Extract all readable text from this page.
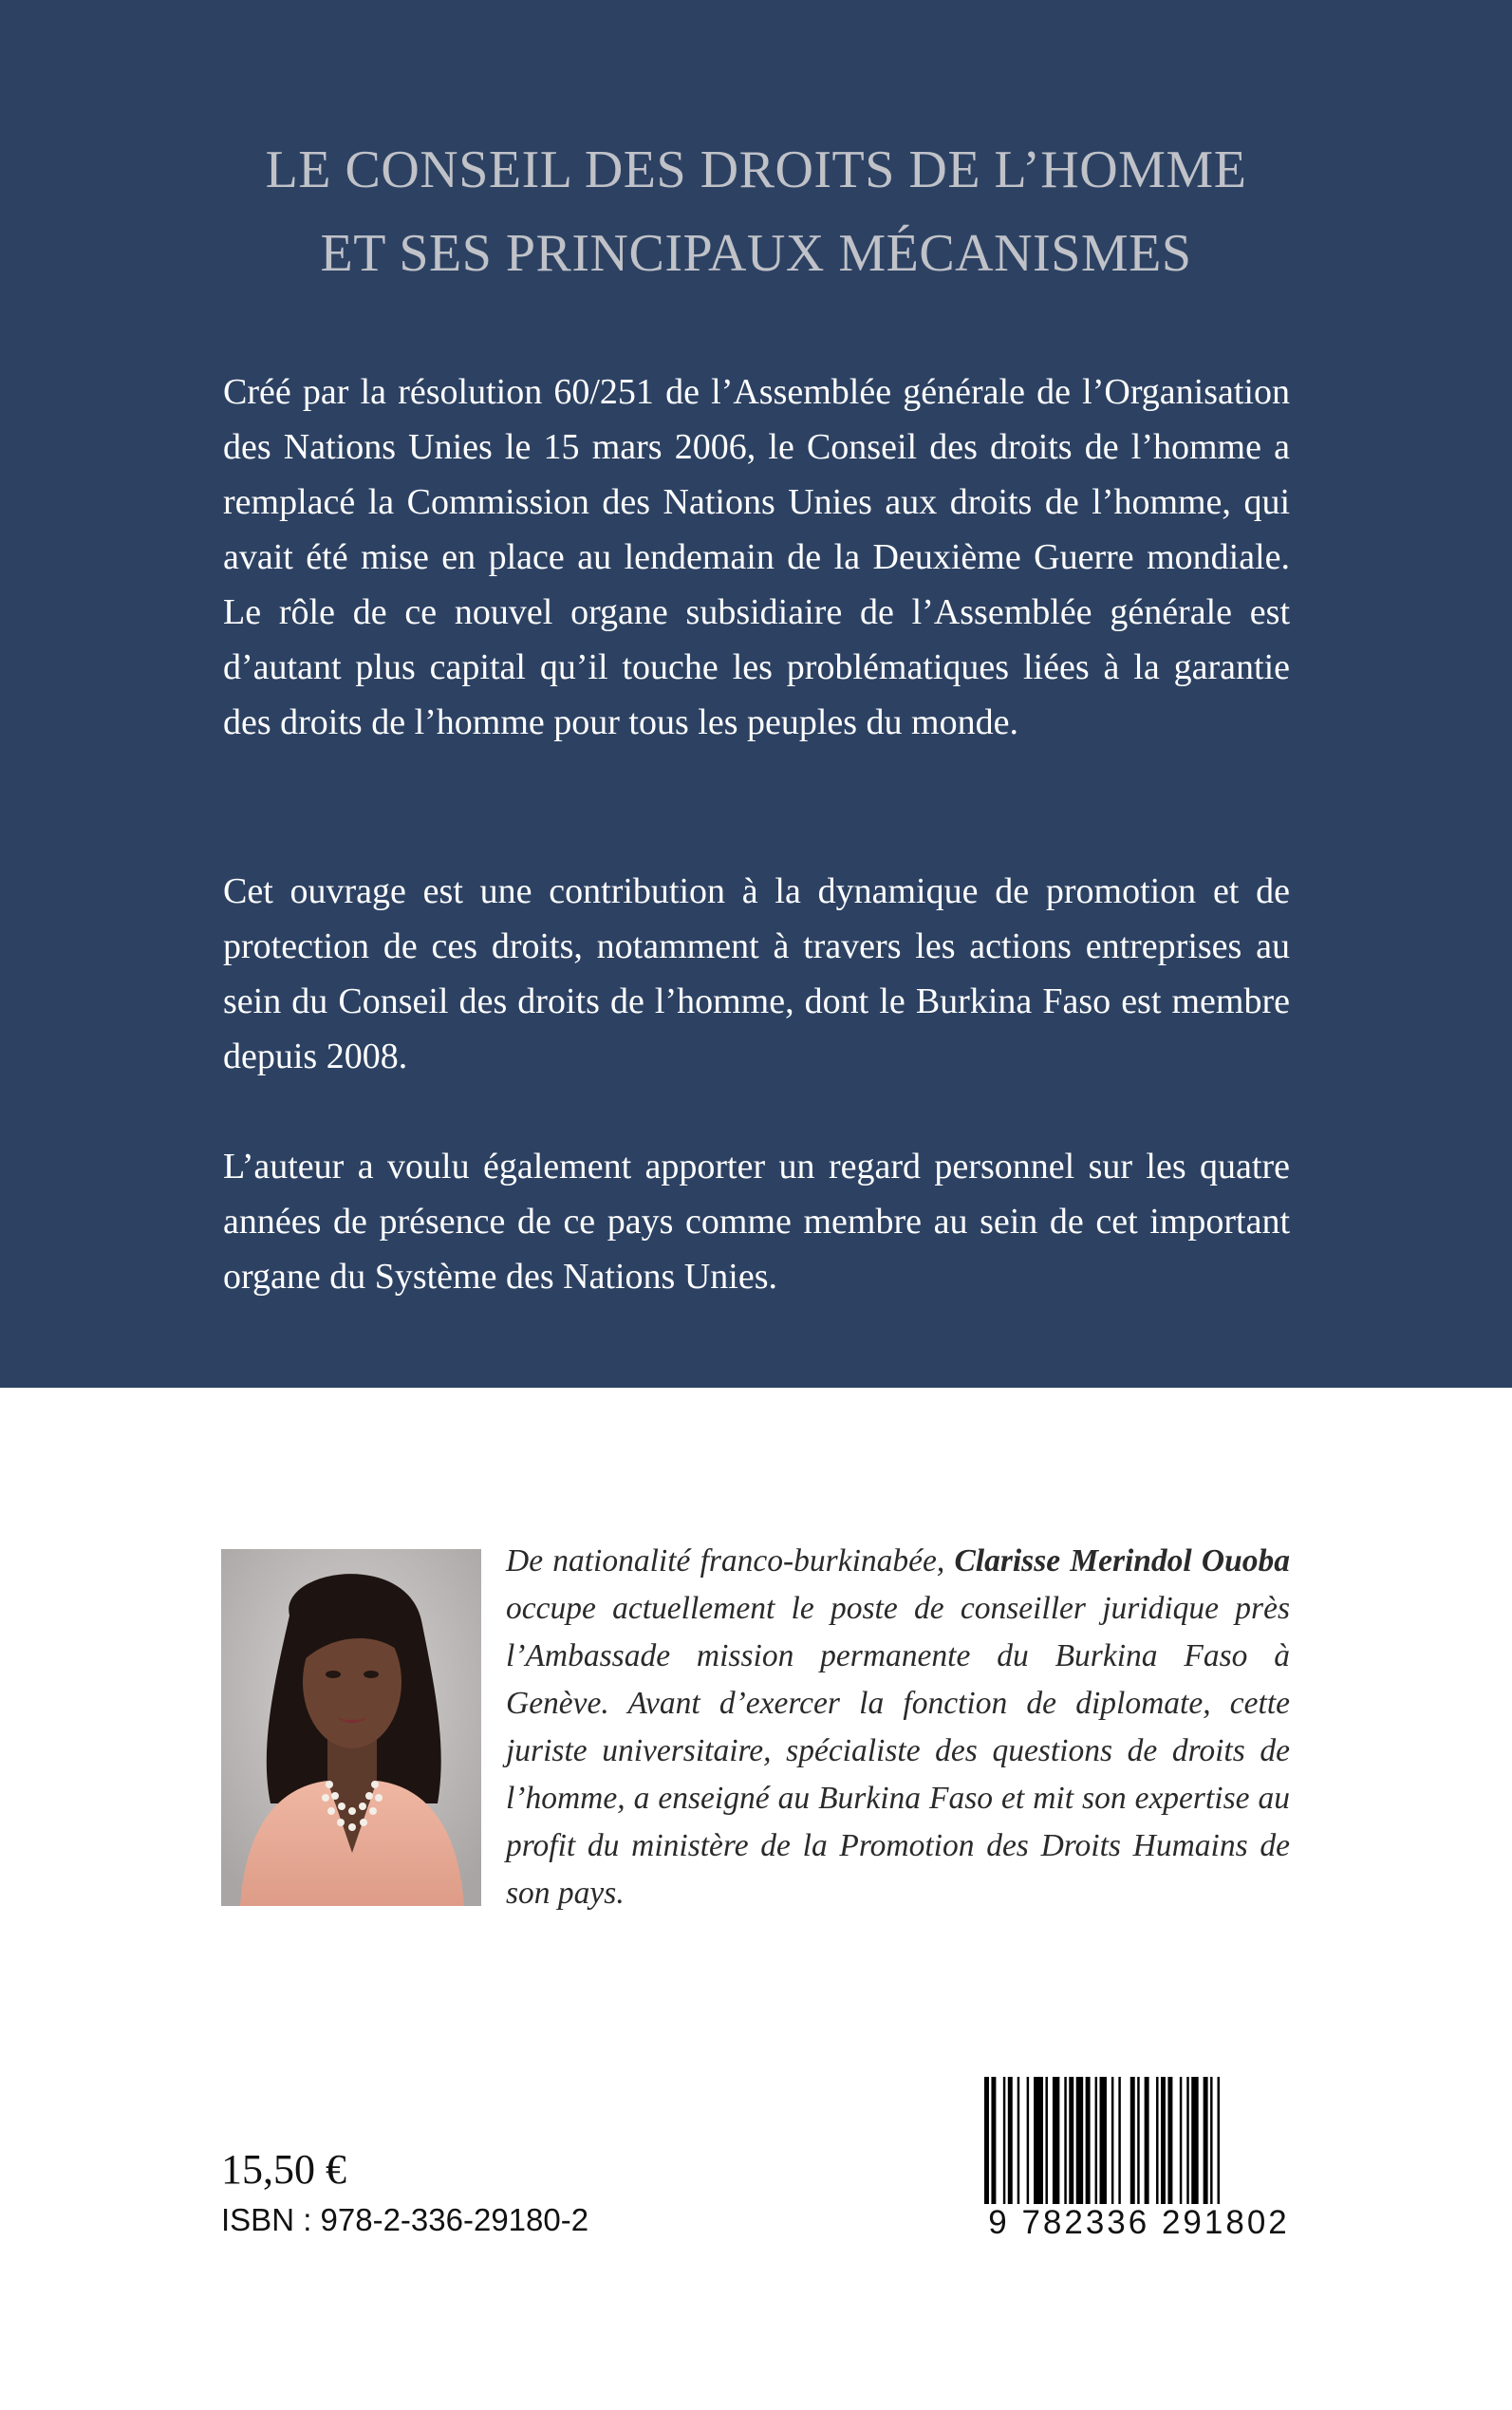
LE CONSEIL DES DROITS DE L’HOMME
ET SES PRINCIPAUX MÉCANISMES

Créé par la résolution 60/251 de l’Assemblée générale de l’Organisation des Nations Unies le 15 mars 2006, le Conseil des droits de l’homme a remplacé la Commission des Nations Unies aux droits de l’homme, qui avait été mise en place au lendemain de la Deuxième Guerre mondiale. Le rôle de ce nouvel organe subsidiaire de l’Assemblée générale est d’autant plus capital qu’il touche les problématiques liées à la garantie des droits de l’homme pour tous les peuples du monde.

Cet ouvrage est une contribution à la dynamique de promotion et de protection de ces droits, notamment à travers les actions entreprises au sein du Conseil des droits de l’homme, dont le Burkina Faso est membre depuis 2008.

L’auteur a voulu également apporter un regard personnel sur les quatre années de présence de ce pays comme membre au sein de cet important organe du Système des Nations Unies.

De nationalité franco-burkinabée, Clarisse Merindol Ouoba occupe actuellement le poste de conseiller juridique près l’Ambassade mission permanente du Burkina Faso à Genève. Avant d’exercer la fonction de diplomate, cette juriste universitaire, spécialiste des questions de droits de l’homme, a enseigné au Burkina Faso et mit son expertise au profit du ministère de la Promotion des Droits Humains de son pays.

15,50 €
ISBN : 978-2-336-29180-2	9 782336 291802
